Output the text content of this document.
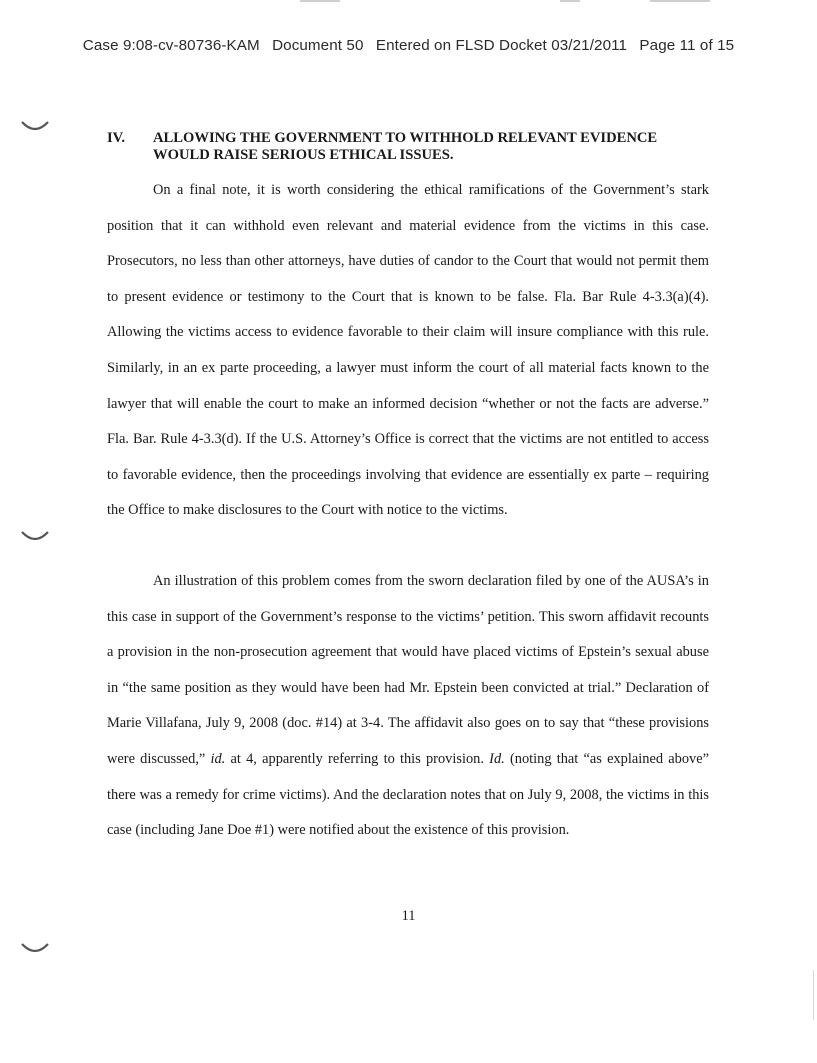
Case 9:08-cv-80736-KAM Document 50 Entered on FLSD Docket 03/21/2011 Page 11 of 15
IV. ALLOWING THE GOVERNMENT TO WITHHOLD RELEVANT EVIDENCE WOULD RAISE SERIOUS ETHICAL ISSUES.

On a final note, it is worth considering the ethical ramifications of the Government’s stark position that it can withhold even relevant and material evidence from the victims in this case. Prosecutors, no less than other attorneys, have duties of candor to the Court that would not permit them to present evidence or testimony to the Court that is known to be false. Fla. Bar Rule 4-3.3(a)(4). Allowing the victims access to evidence favorable to their claim will insure compliance with this rule. Similarly, in an ex parte proceeding, a lawyer must inform the court of all material facts known to the lawyer that will enable the court to make an informed decision “whether or not the facts are adverse.” Fla. Bar. Rule 4-3.3(d). If the U.S. Attorney’s Office is correct that the victims are not entitled to access to favorable evidence, then the proceedings involving that evidence are essentially ex parte – requiring the Office to make disclosures to the Court with notice to the victims.

An illustration of this problem comes from the sworn declaration filed by one of the AUSA’s in this case in support of the Government’s response to the victims’ petition. This sworn affidavit recounts a provision in the non-prosecution agreement that would have placed victims of Epstein’s sexual abuse in “the same position as they would have been had Mr. Epstein been convicted at trial.” Declaration of Marie Villafana, July 9, 2008 (doc. #14) at 3-4. The affidavit also goes on to say that “these provisions were discussed,” id. at 4, apparently referring to this provision. Id. (noting that “as explained above” there was a remedy for crime victims). And the declaration notes that on July 9, 2008, the victims in this case (including Jane Doe #1) were notified about the existence of this provision.

11
